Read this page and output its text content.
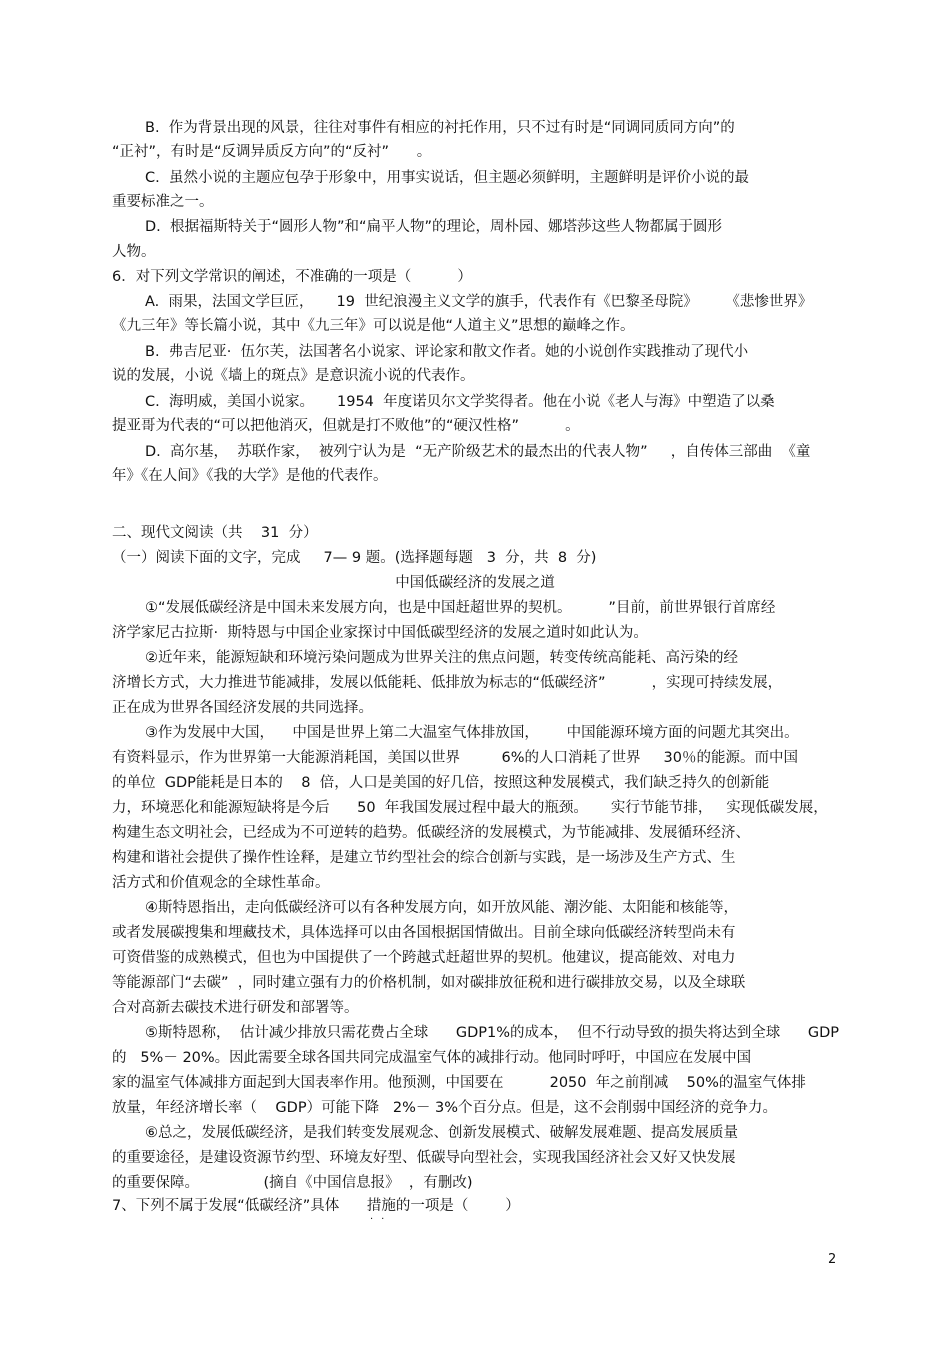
B.  作为背景出现的风景，往往对事件有相应的衬托作用，只不过有时是“同调同质同方向”的
“正衬”，有时是“反调异质反方向”的“反衬”      。
C.  虽然小说的主题应包孕于形象中，用事实说话，但主题必须鲜明，主题鲜明是评价小说的最
重要标准之一。
D.  根据福斯特关于“圆形人物”和“扁平人物”的理论，周朴园、娜塔莎这些人物都属于圆形
人物。
6．对下列文学常识的阐述，不准确的一项是（          ）
A.  雨果，法国文学巨匠，     19  世纪浪漫主义文学的旗手，代表作有《巴黎圣母院》      《悲惨世界》
《九三年》等长篇小说，其中《九三年》可以说是他“人道主义”思想的巅峰之作。
B.  弗吉尼亚·  伍尔芙，法国著名小说家、评论家和散文作者。她的小说创作实践推动了现代小
说的发展，小说《墙上的斑点》是意识流小说的代表作。
C.  海明威，美国小说家。     1954  年度诺贝尔文学奖得者。他在小说《老人与海》中塑造了以桑
提亚哥为代表的“可以把他消灭，但就是打不败他”的“硬汉性格”          。
D.  高尔基，  苏联作家，  被列宁认为是  “无产阶级艺术的最杰出的代表人物”     ，自传体三部曲  《童
年》《在人间》《我的大学》是他的代表作。
二、现代文阅读（共    31  分）
（一）阅读下面的文字，完成     7— 9 题。(选择题每题   3  分，共  8  分)
中国低碳经济的发展之道
①“发展低碳经济是中国未来发展方向，也是中国赶超世界的契机。        ”目前，前世界银行首席经
济学家尼古拉斯·  斯特恩与中国企业家探讨中国低碳型经济的发展之道时如此认为。
②近年来，能源短缺和环境污染问题成为世界关注的焦点问题，转变传统高能耗、高污染的经
济增长方式，大力推进节能减排，发展以低能耗、低排放为标志的“低碳经济”          ，实现可持续发展，
正在成为世界各国经济发展的共同选择。
③作为发展中大国，    中国是世界上第二大温室气体排放国，      中国能源环境方面的问题尤其突出。
有资料显示，作为世界第一大能源消耗国，美国以世界         6%的人口消耗了世界     30％的能源。而中国
的单位  GDP能耗是日本的    8  倍，人口是美国的好几倍，按照这种发展模式，我们缺乏持久的创新能
力，环境恶化和能源短缺将是今后      50  年我国发展过程中最大的瓶颈。     实行节能节排，   实现低碳发展，
构建生态文明社会，已经成为不可逆转的趋势。低碳经济的发展模式，为节能减排、发展循环经济、
构建和谐社会提供了操作性诠释，是建立节约型社会的综合创新与实践，是一场涉及生产方式、生
活方式和价值观念的全球性革命。
④斯特恩指出，走向低碳经济可以有各种发展方向，如开放风能、潮汐能、太阳能和核能等，
或者发展碳搜集和埋藏技术，具体选择可以由各国根据国情做出。目前全球向低碳经济转型尚未有
可资借鉴的成熟模式，但也为中国提供了一个跨越式赶超世界的契机。他建议，提高能效、对电力
等能源部门“去碳”  ，同时建立强有力的价格机制，如对碳排放征税和进行碳排放交易，以及全球联
合对高新去碳技术进行研发和部署等。
⑤斯特恩称，  估计减少排放只需花费占全球      GDP1%的成本，  但不行动导致的损失将达到全球      GDP
的   5%－ 20%。因此需要全球各国共同完成温室气体的减排行动。他同时呼吁，中国应在发展中国
家的温室气体减排方面起到大国表率作用。他预测，中国要在          2050  年之前削减    50%的温室气体排
放量，年经济增长率（    GDP）可能下降   2%－ 3%个百分点。但是，这不会削弱中国经济的竞争力。
⑥总之，发展低碳经济，是我们转变发展观念、创新发展模式、破解发展难题、提高发展质量
的重要途径，是建设资源节约型、环境友好型、低碳导向型社会，实现我国经济社会又好又快发展
的重要保障。              (摘自《中国信息报》  ，有删改)
7、下列不属于发展“低碳经济”具体      措施的一项是（        ）
··
2
